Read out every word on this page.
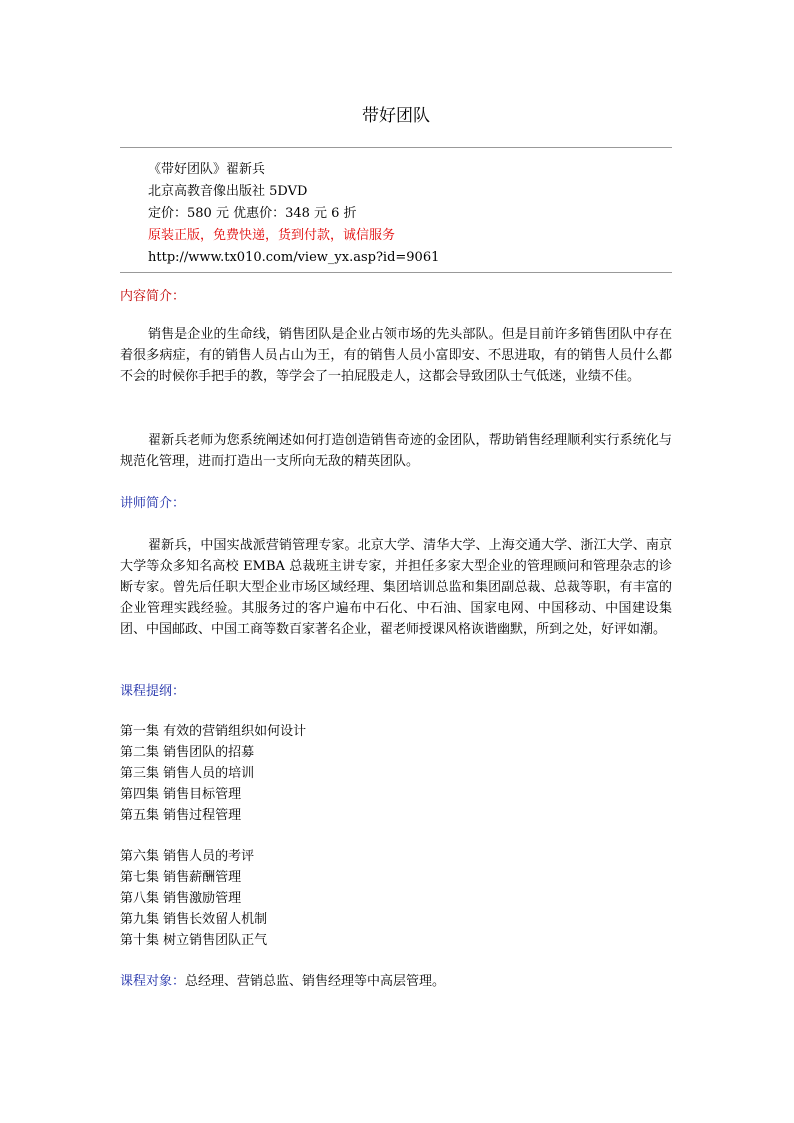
带好团队
《带好团队》翟新兵
北京高教音像出版社 5DVD
定价：580 元 优惠价：348 元 6 折
原装正版，免费快递，货到付款，诚信服务
http://www.tx010.com/view_yx.asp?id=9061
内容简介：

销售是企业的生命线，销售团队是企业占领市场的先头部队。但是目前许多销售团队中存在着很多病症，有的销售人员占山为王，有的销售人员小富即安、不思进取，有的销售人员什么都不会的时候你手把手的教，等学会了一拍屁股走人，这都会导致团队士气低迷，业绩不佳。

翟新兵老师为您系统阐述如何打造创造销售奇迹的金团队，帮助销售经理顺利实行系统化与规范化管理，进而打造出一支所向无敌的精英团队。

讲师简介：

翟新兵，中国实战派营销管理专家。北京大学、清华大学、上海交通大学、浙江大学、南京大学等众多知名高校 EMBA 总裁班主讲专家，并担任多家大型企业的管理顾问和管理杂志的诊断专家。曾先后任职大型企业市场区域经理、集团培训总监和集团副总裁、总裁等职，有丰富的企业管理实践经验。其服务过的客户遍布中石化、中石油、国家电网、中国移动、中国建设集团、中国邮政、中国工商等数百家著名企业，翟老师授课风格诙谐幽默，所到之处，好评如潮。

课程提纲：
第一集 有效的营销组织如何设计
第二集 销售团队的招募
第三集 销售人员的培训
第四集 销售目标管理
第五集 销售过程管理
第六集 销售人员的考评
第七集 销售薪酬管理
第八集 销售激励管理
第九集 销售长效留人机制
第十集 树立销售团队正气
课程对象：总经理、营销总监、销售经理等中高层管理。
